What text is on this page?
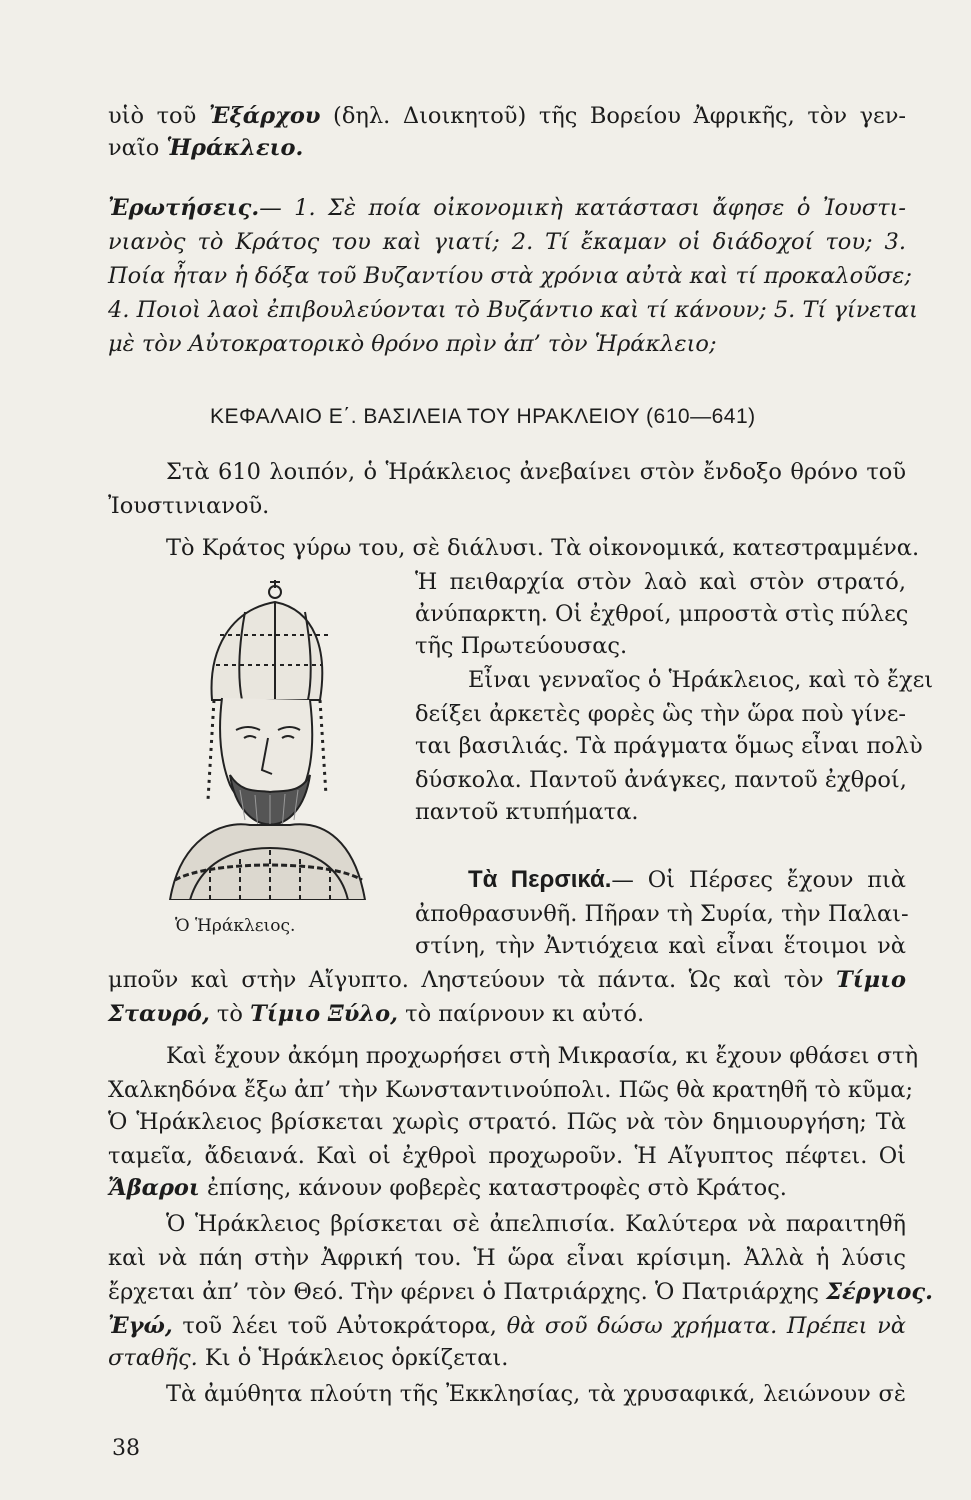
υἱὸ τοῦ Ἐξάρχου (δηλ. Διοικητοῦ) τῆς Βορείου Ἀφρικῆς, τὸν γεν-
ναῖο Ἡράκλειο.
Ἐρωτήσεις.— 1. Σὲ ποία οἰκονομικὴ κατάστασι ἄφησε ὁ Ἰουστι-
νιανὸς τὸ Κράτος του καὶ γιατί; 2. Τί ἔκαμαν οἱ διάδοχοί του; 3.
Ποία ἦταν ἡ δόξα τοῦ Βυζαντίου στὰ χρόνια αὐτὰ καὶ τί προκαλοῦσε;
4. Ποιοὶ λαοὶ ἐπιβουλεύονται τὸ Βυζάντιο καὶ τί κάνουν; 5. Τί γίνεται
μὲ τὸν Αὐτοκρατορικὸ θρόνο πρὶν ἀπ’ τὸν Ἡράκλειο;
ΚΕΦΑΛΑΙΟ Ε΄. ΒΑΣΙΛΕΙΑ ΤΟΥ ΗΡΑΚΛΕΙΟΥ (610—641)
Στὰ 610 λοιπόν, ὁ Ἡράκλειος ἀνεβαίνει στὸν ἔνδοξο θρόνο τοῦ
Ἰουστινιανοῦ.
Τὸ Κράτος γύρω του, σὲ διάλυσι. Τὰ οἰκονομικά, κατεστραμμένα.
Ἡ πειθαρχία στὸν λαὸ καὶ στὸν στρατό,
ἀνύπαρκτη. Οἱ ἐχθροί, μπροστὰ στὶς πύλες
τῆς Πρωτεύουσας.
Εἶναι γενναῖος ὁ Ἡράκλειος, καὶ τὸ ἔχει
δείξει ἀρκετὲς φορὲς ὣς τὴν ὥρα ποὺ γίνε-
ται βασιλιάς. Τὰ πράγματα ὅμως εἶναι πολὺ
δύσκολα. Παντοῦ ἀνάγκες, παντοῦ ἐχθροί,
παντοῦ κτυπήματα.
Τὰ Περσικά.— Οἱ Πέρσες ἔχουν πιὰ
ἀποθρασυνθῆ. Πῆραν τὴ Συρία, τὴν Παλαι-
Ὁ Ἡράκλειος.
στίνη, τὴν Ἀντιόχεια καὶ εἶναι ἕτοιμοι νὰ
μποῦν καὶ στὴν Αἴγυπτο. Ληστεύουν τὰ πάντα. Ὡς καὶ τὸν Τίμιο
Σταυρό, τὸ Τίμιο Ξύλο, τὸ παίρνουν κι αὐτό.
Καὶ ἔχουν ἀκόμη προχωρήσει στὴ Μικρασία, κι ἔχουν φθάσει στὴ
Χαλκηδόνα ἔξω ἀπ’ τὴν Κωνσταντινούπολι. Πῶς θὰ κρατηθῆ τὸ κῦμα;
Ὁ Ἡράκλειος βρίσκεται χωρὶς στρατό. Πῶς νὰ τὸν δημιουργήση; Τὰ
ταμεῖα, ἄδειανά. Καὶ οἱ ἐχθροὶ προχωροῦν. Ἡ Αἴγυπτος πέφτει. Οἱ
Ἄβαροι ἐπίσης, κάνουν φοβερὲς καταστροφὲς στὸ Κράτος.
Ὁ Ἡράκλειος βρίσκεται σὲ ἀπελπισία. Καλύτερα νὰ παραιτηθῆ
καὶ νὰ πάη στὴν Ἀφρική του. Ἡ ὥρα εἶναι κρίσιμη. Ἀλλὰ ἡ λύσις
ἔρχεται ἀπ’ τὸν Θεό. Τὴν φέρνει ὁ Πατριάρχης. Ὁ Πατριάρχης Σέργιος.
Ἐγώ, τοῦ λέει τοῦ Αὐτοκράτορα, θὰ σοῦ δώσω χρήματα. Πρέπει νὰ
σταθῆς. Κι ὁ Ἡράκλειος ὁρκίζεται.
Τὰ ἀμύθητα πλούτη τῆς Ἐκκλησίας, τὰ χρυσαφικά, λειώνουν σὲ
38
